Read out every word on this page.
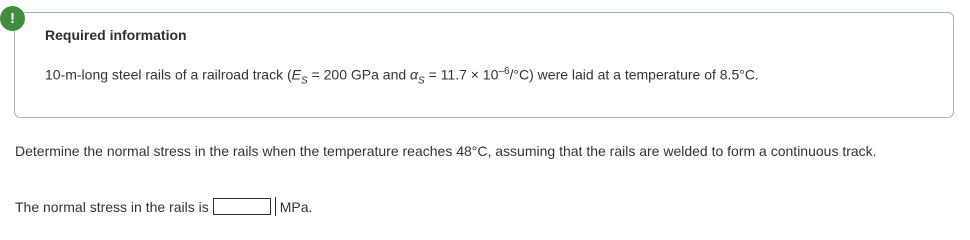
!
Required information
10-m-long steel rails of a railroad track ($E_S = 200$ GPa and $\alpha_S = 11.7 \times 10^{-6}/^\circ C$) were laid at a temperature of 8.5°C.
Determine the normal stress in the rails when the temperature reaches 48°C, assuming that the rails are welded to form a continuous track.
The normal stress in the rails is	MPa.
